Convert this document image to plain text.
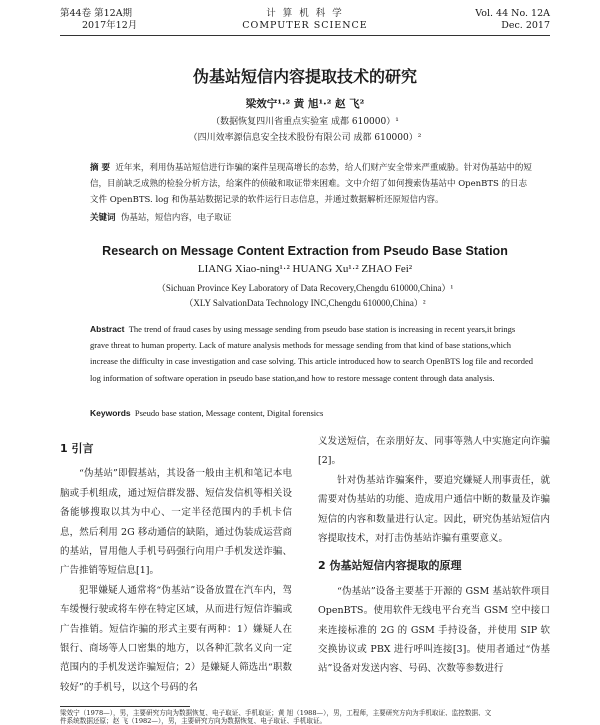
第44卷 第12A期
2017年12月
计 算 机 科 学
COMPUTER SCIENCE
Vol. 44 No. 12A
Dec. 2017
伪基站短信内容提取技术的研究
梁效宁¹·² 黄 旭¹·² 赵 飞²
（数据恢复四川省重点实验室 成都 610000）¹
（四川效率源信息安全技术股份有限公司 成都 610000）²
摘 要 近年来，利用伪基站短信进行诈骗的案件呈现高增长的态势，给人们财产安全带来严重威胁。针对伪基站中的短信，目前缺乏成熟的检验分析方法，给案件的侦破和取证带来困难。文中介绍了如何搜索伪基站中 OpenBTS 的日志文件 OpenBTS. log 和伪基站数据记录的软件运行日志信息，并通过数据解析还原短信内容。
关键词 伪基站，短信内容，电子取证
Research on Message Content Extraction from Pseudo Base Station
LIANG Xiao-ning¹·² HUANG Xu¹·² ZHAO Fei²
（Sichuan Province Key Laboratory of Data Recovery,Chengdu 610000,China）¹
（XLY SalvationData Technology INC,Chengdu 610000,China）²
Abstract The trend of fraud cases by using message sending from pseudo base station is increasing in recent years,it brings grave threat to human property. Lack of mature analysis methods for message sending from that kind of base stations,which increase the difficulty in case investigation and case solving. This article introduced how to search OpenBTS log file and recorded log information of software operation in pseudo base station,and how to restore message content through data analysis.
Keywords Pseudo base station, Message content, Digital forensics
1 引言

“伪基站”即假基站，其设备一般由主机和笔记本电脑或手机组成，通过短信群发器、短信发信机等相关设备能够搜取以其为中心、一定半径范围内的手机卡信息，然后利用 2G 移动通信的缺陷，通过伪装成运营商的基站，冒用他人手机号码强行向用户手机发送诈骗、广告推销等短信息[1]。

犯罪嫌疑人通常将“伪基站”设备放置在汽车内，驾车缓慢行驶或将车停在特定区域，从而进行短信诈骗或广告推销。短信诈骗的形式主要有两种：1）嫌疑人在银行、商场等人口密集的地方，以各种汇款名义向一定范围内的手机发送诈骗短信；2）是嫌疑人筛选出“职数较好”的手机号，以这个号码的名

义发送短信，在亲朋好友、同事等熟人中实施定向诈骗[2]。

针对伪基站诈骗案件，要追究嫌疑人刑事责任，就需要对伪基站的功能、造成用户通信中断的数量及诈骗短信的内容和数量进行认定。因此，研究伪基站短信内容提取技术，对打击伪基站诈骗有重要意义。

2 伪基站短信内容提取的原理

“伪基站”设备主要基于开源的 GSM 基站软件项目 OpenBTS。使用软件无线电平台充当 GSM 空中接口来连接标准的 2G 的 GSM 手持设备，并使用 SIP 软交换协议或 PBX 进行呼叫连接[3]。使用者通过“伪基站”设备对发送内容、号码、次数等参数进行

梁效宁（1978—），男，主要研究方向为数据恢复、电子取证、手机取证；黄 旭（1988—），男，工程师，主要研究方向为手机取证、监控数据、文
件系统数据还原；赵 飞（1982—），男，主要研究方向为数据恢复、电子取证、手机取证。
